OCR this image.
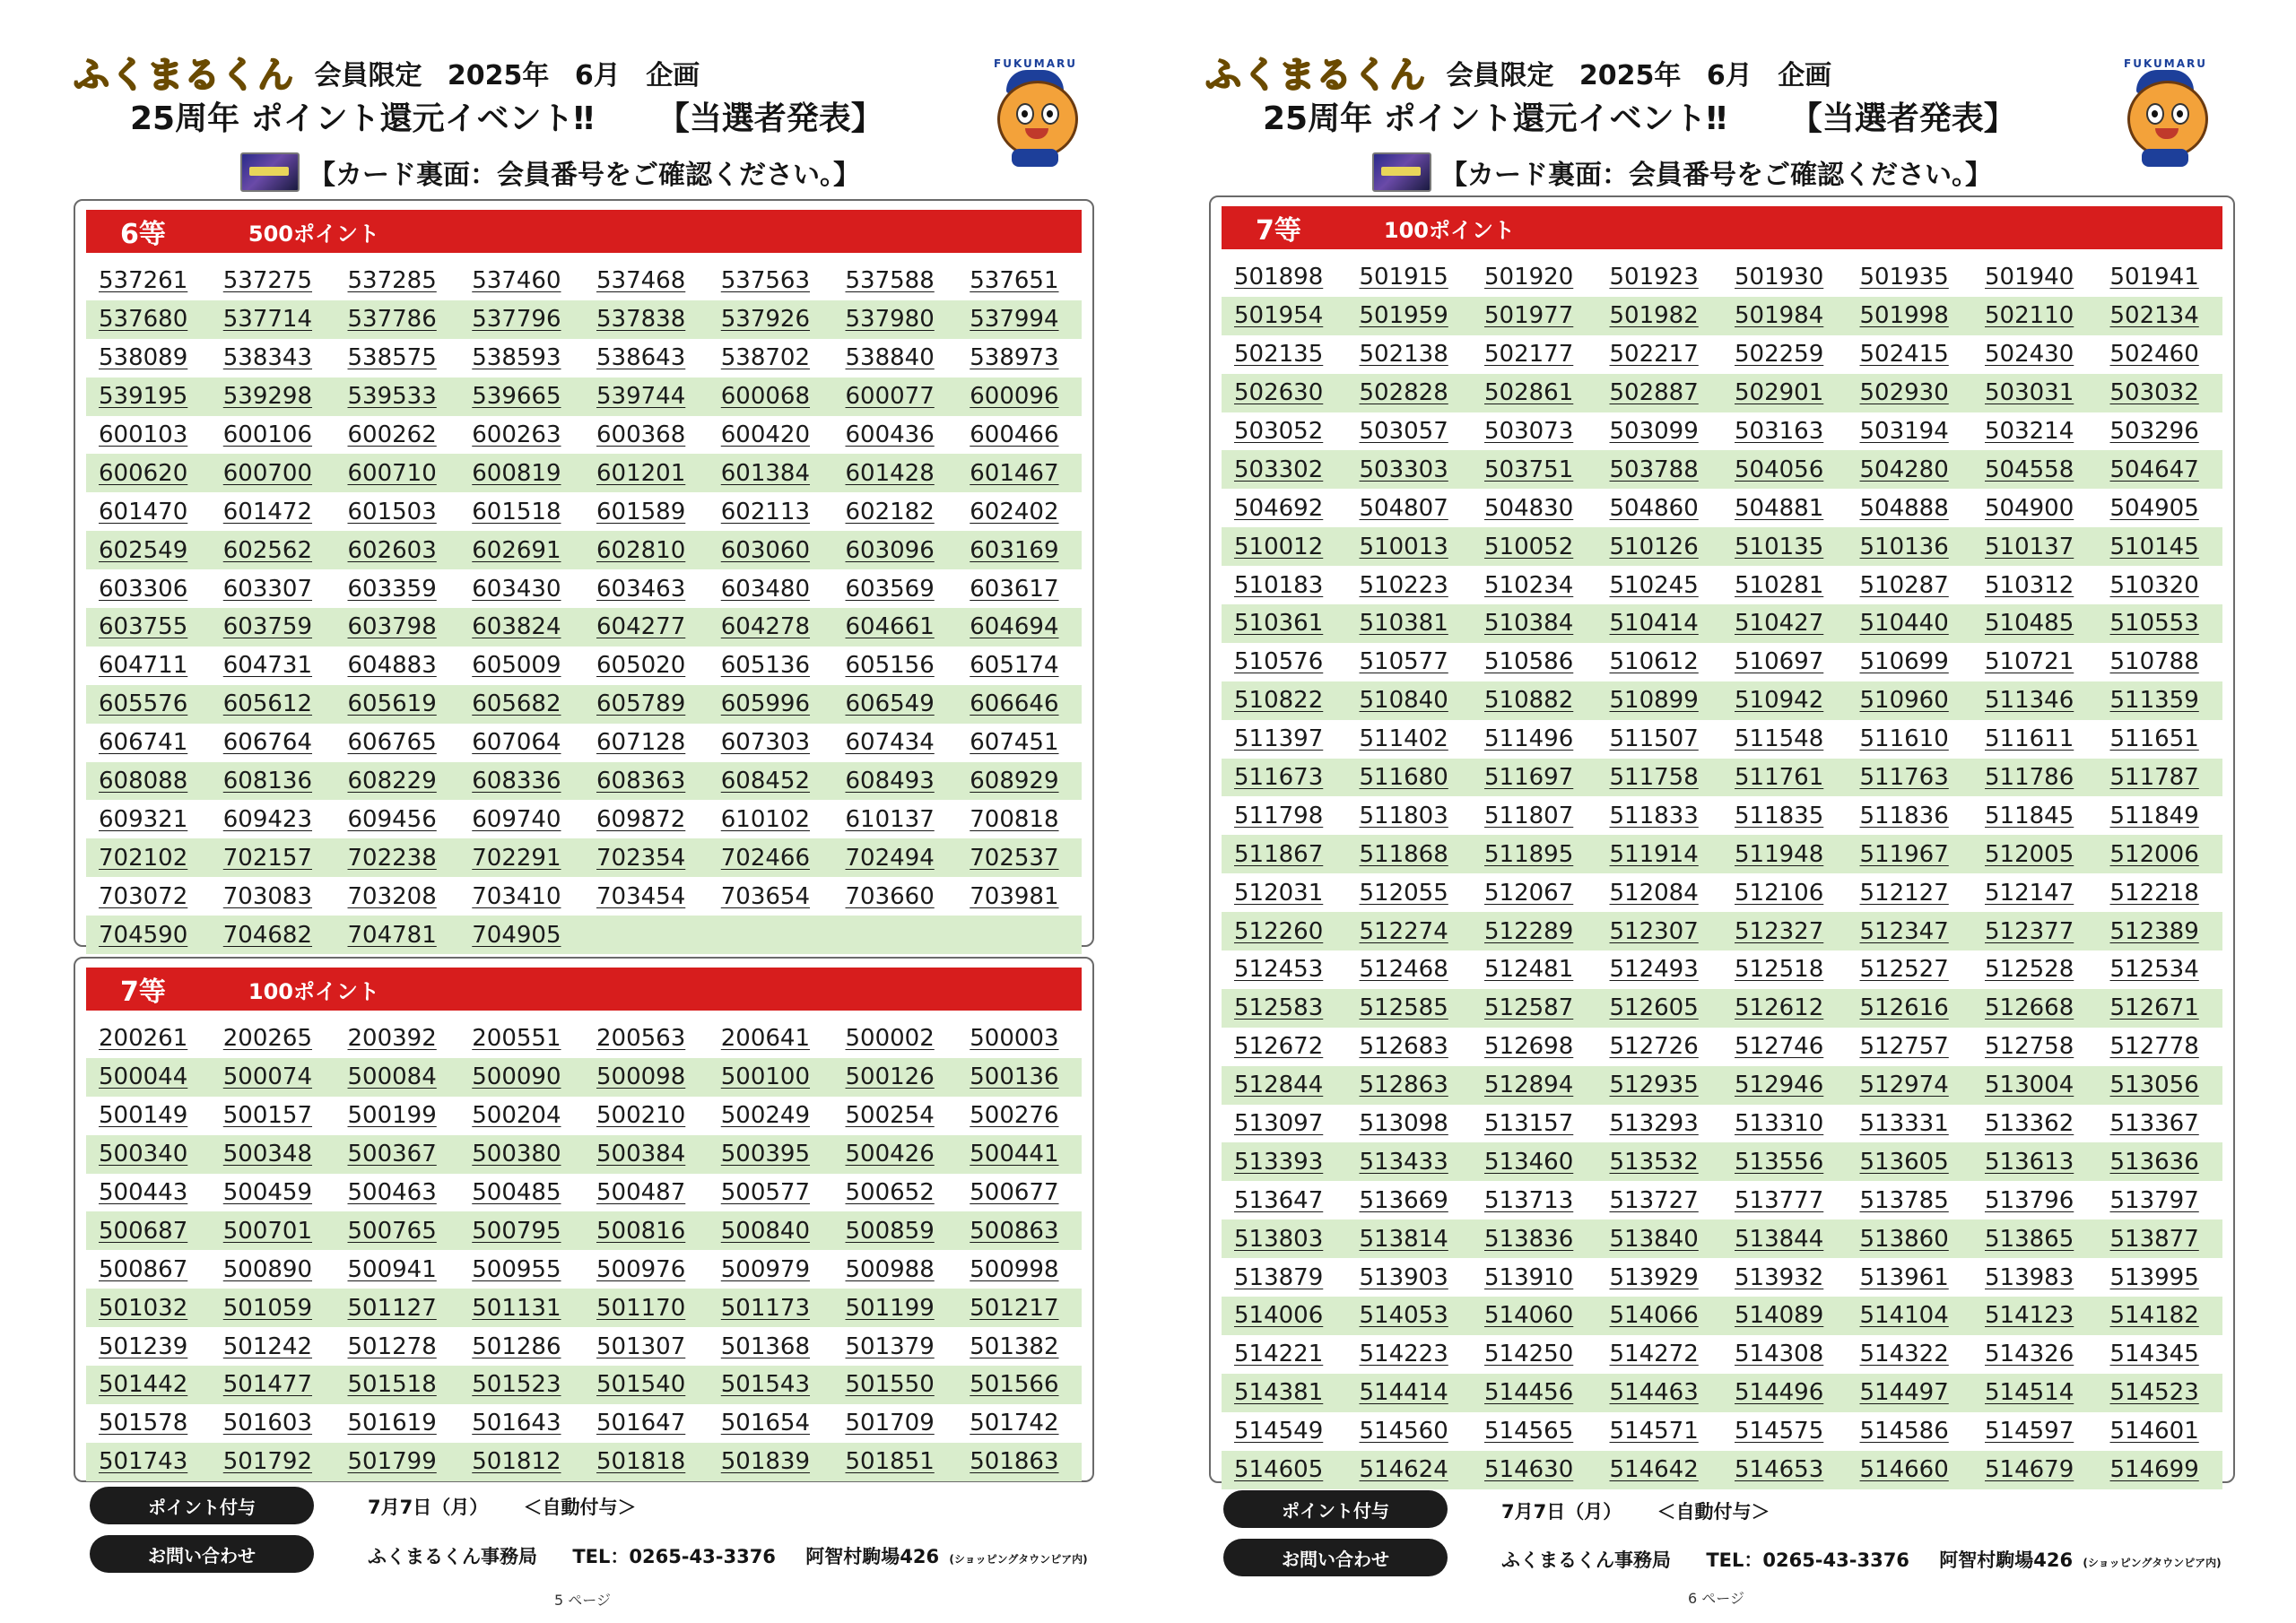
ふくまるくん 会員限定 2025年 6月 企画
25周年 ポイント還元イベント‼ 【当選者発表】
【カード裏面：会員番号をご確認ください。】
FUKUMARU
6等	500ポイント
537261	537275	537285	537460	537468	537563	537588	537651
537680	537714	537786	537796	537838	537926	537980	537994
538089	538343	538575	538593	538643	538702	538840	538973
539195	539298	539533	539665	539744	600068	600077	600096
600103	600106	600262	600263	600368	600420	600436	600466
600620	600700	600710	600819	601201	601384	601428	601467
601470	601472	601503	601518	601589	602113	602182	602402
602549	602562	602603	602691	602810	603060	603096	603169
603306	603307	603359	603430	603463	603480	603569	603617
603755	603759	603798	603824	604277	604278	604661	604694
604711	604731	604883	605009	605020	605136	605156	605174
605576	605612	605619	605682	605789	605996	606549	606646
606741	606764	606765	607064	607128	607303	607434	607451
608088	608136	608229	608336	608363	608452	608493	608929
609321	609423	609456	609740	609872	610102	610137	700818
702102	702157	702238	702291	702354	702466	702494	702537
703072	703083	703208	703410	703454	703654	703660	703981
704590	704682	704781	704905
7等	100ポイント
200261	200265	200392	200551	200563	200641	500002	500003
500044	500074	500084	500090	500098	500100	500126	500136
500149	500157	500199	500204	500210	500249	500254	500276
500340	500348	500367	500380	500384	500395	500426	500441
500443	500459	500463	500485	500487	500577	500652	500677
500687	500701	500765	500795	500816	500840	500859	500863
500867	500890	500941	500955	500976	500979	500988	500998
501032	501059	501127	501131	501170	501173	501199	501217
501239	501242	501278	501286	501307	501368	501379	501382
501442	501477	501518	501523	501540	501543	501550	501566
501578	501603	501619	501643	501647	501654	501709	501742
501743	501792	501799	501812	501818	501839	501851	501863
ポイント付与	7月7日（月） ＜自動付与＞
お問い合わせ	ふくまるくん事務局 TEL：0265-43-3376 阿智村駒場426 (ショッピングタウンピア内)
5 ページ
ふくまるくん 会員限定 2025年 6月 企画
25周年 ポイント還元イベント‼ 【当選者発表】
【カード裏面：会員番号をご確認ください。】
FUKUMARU
7等	100ポイント
501898	501915	501920	501923	501930	501935	501940	501941
501954	501959	501977	501982	501984	501998	502110	502134
502135	502138	502177	502217	502259	502415	502430	502460
502630	502828	502861	502887	502901	502930	503031	503032
503052	503057	503073	503099	503163	503194	503214	503296
503302	503303	503751	503788	504056	504280	504558	504647
504692	504807	504830	504860	504881	504888	504900	504905
510012	510013	510052	510126	510135	510136	510137	510145
510183	510223	510234	510245	510281	510287	510312	510320
510361	510381	510384	510414	510427	510440	510485	510553
510576	510577	510586	510612	510697	510699	510721	510788
510822	510840	510882	510899	510942	510960	511346	511359
511397	511402	511496	511507	511548	511610	511611	511651
511673	511680	511697	511758	511761	511763	511786	511787
511798	511803	511807	511833	511835	511836	511845	511849
511867	511868	511895	511914	511948	511967	512005	512006
512031	512055	512067	512084	512106	512127	512147	512218
512260	512274	512289	512307	512327	512347	512377	512389
512453	512468	512481	512493	512518	512527	512528	512534
512583	512585	512587	512605	512612	512616	512668	512671
512672	512683	512698	512726	512746	512757	512758	512778
512844	512863	512894	512935	512946	512974	513004	513056
513097	513098	513157	513293	513310	513331	513362	513367
513393	513433	513460	513532	513556	513605	513613	513636
513647	513669	513713	513727	513777	513785	513796	513797
513803	513814	513836	513840	513844	513860	513865	513877
513879	513903	513910	513929	513932	513961	513983	513995
514006	514053	514060	514066	514089	514104	514123	514182
514221	514223	514250	514272	514308	514322	514326	514345
514381	514414	514456	514463	514496	514497	514514	514523
514549	514560	514565	514571	514575	514586	514597	514601
514605	514624	514630	514642	514653	514660	514679	514699
ポイント付与	7月7日（月） ＜自動付与＞
お問い合わせ	ふくまるくん事務局 TEL：0265-43-3376 阿智村駒場426 (ショッピングタウンピア内)
6 ページ
